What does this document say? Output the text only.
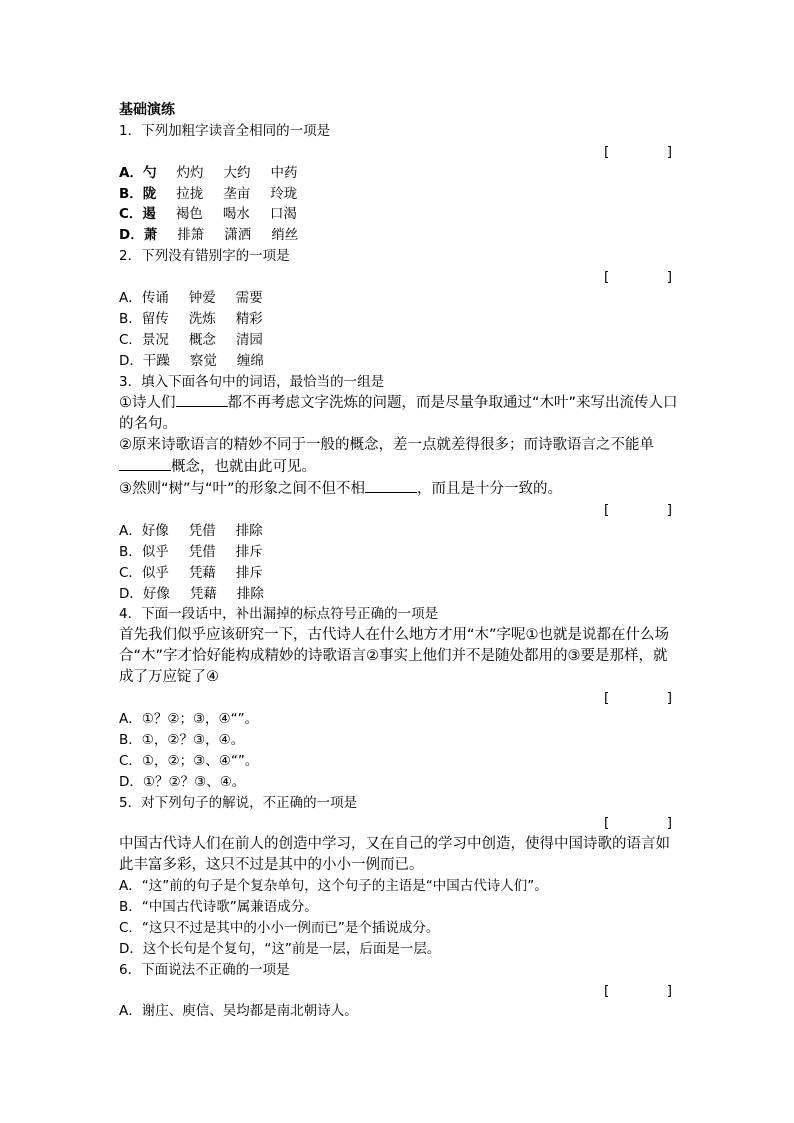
基础演练
1．下列加粗字读音全相同的一项是
[	]
A．勺 灼灼 大约 中药
B．陇 拉拢 垄亩 玲珑
C．遏 褐色 喝水 口渴
D．萧 排箫 潇洒 绡丝
2．下列没有错别字的一项是
[	]
A．传诵 钟爱 需要
B．留传 洗炼 精彩
C．景况 概念 清园
D．干躁 察觉 缠绵
3．填入下面各句中的词语，最恰当的一组是
①诗人们	都不再考虑文字洗炼的问题，而是尽量争取通过“木叶”来写出流传人口的名句。
②原来诗歌语言的精妙不同于一般的概念，差一点就差得很多；而诗歌语言之不能单概念，也就由此可见。
③然则“树”与“叶”的形象之间不但不相	，而且是十分一致的。
[	]
A．好像 凭借 排除
B．似乎 凭借 排斥
C．似乎 凭藉 排斥
D．好像 凭藉 排除
4．下面一段话中，补出漏掉的标点符号正确的一项是
首先我们似乎应该研究一下，古代诗人在什么地方才用“木”字呢①也就是说都在什么场合“木”字才恰好能构成精妙的诗歌语言②事实上他们并不是随处都用的③要是那样，就成了万应锭了④
[	]
A．①？②；③，④“”。
B．①，②？③，④。
C．①，②；③、④“”。
D．①？②？③、④。
5．对下列句子的解说，不正确的一项是
[	]
中国古代诗人们在前人的创造中学习，又在自己的学习中创造，使得中国诗歌的语言如此丰富多彩，这只不过是其中的小小一例而已。
A．“这”前的句子是个复杂单句，这个句子的主语是“中国古代诗人们”。
B．“中国古代诗歌”属兼语成分。
C．“这只不过是其中的小小一例而已”是个插说成分。
D．这个长句是个复句，“这”前是一层，后面是一层。
6．下面说法不正确的一项是
[	]
A．谢庄、庾信、吴均都是南北朝诗人。
